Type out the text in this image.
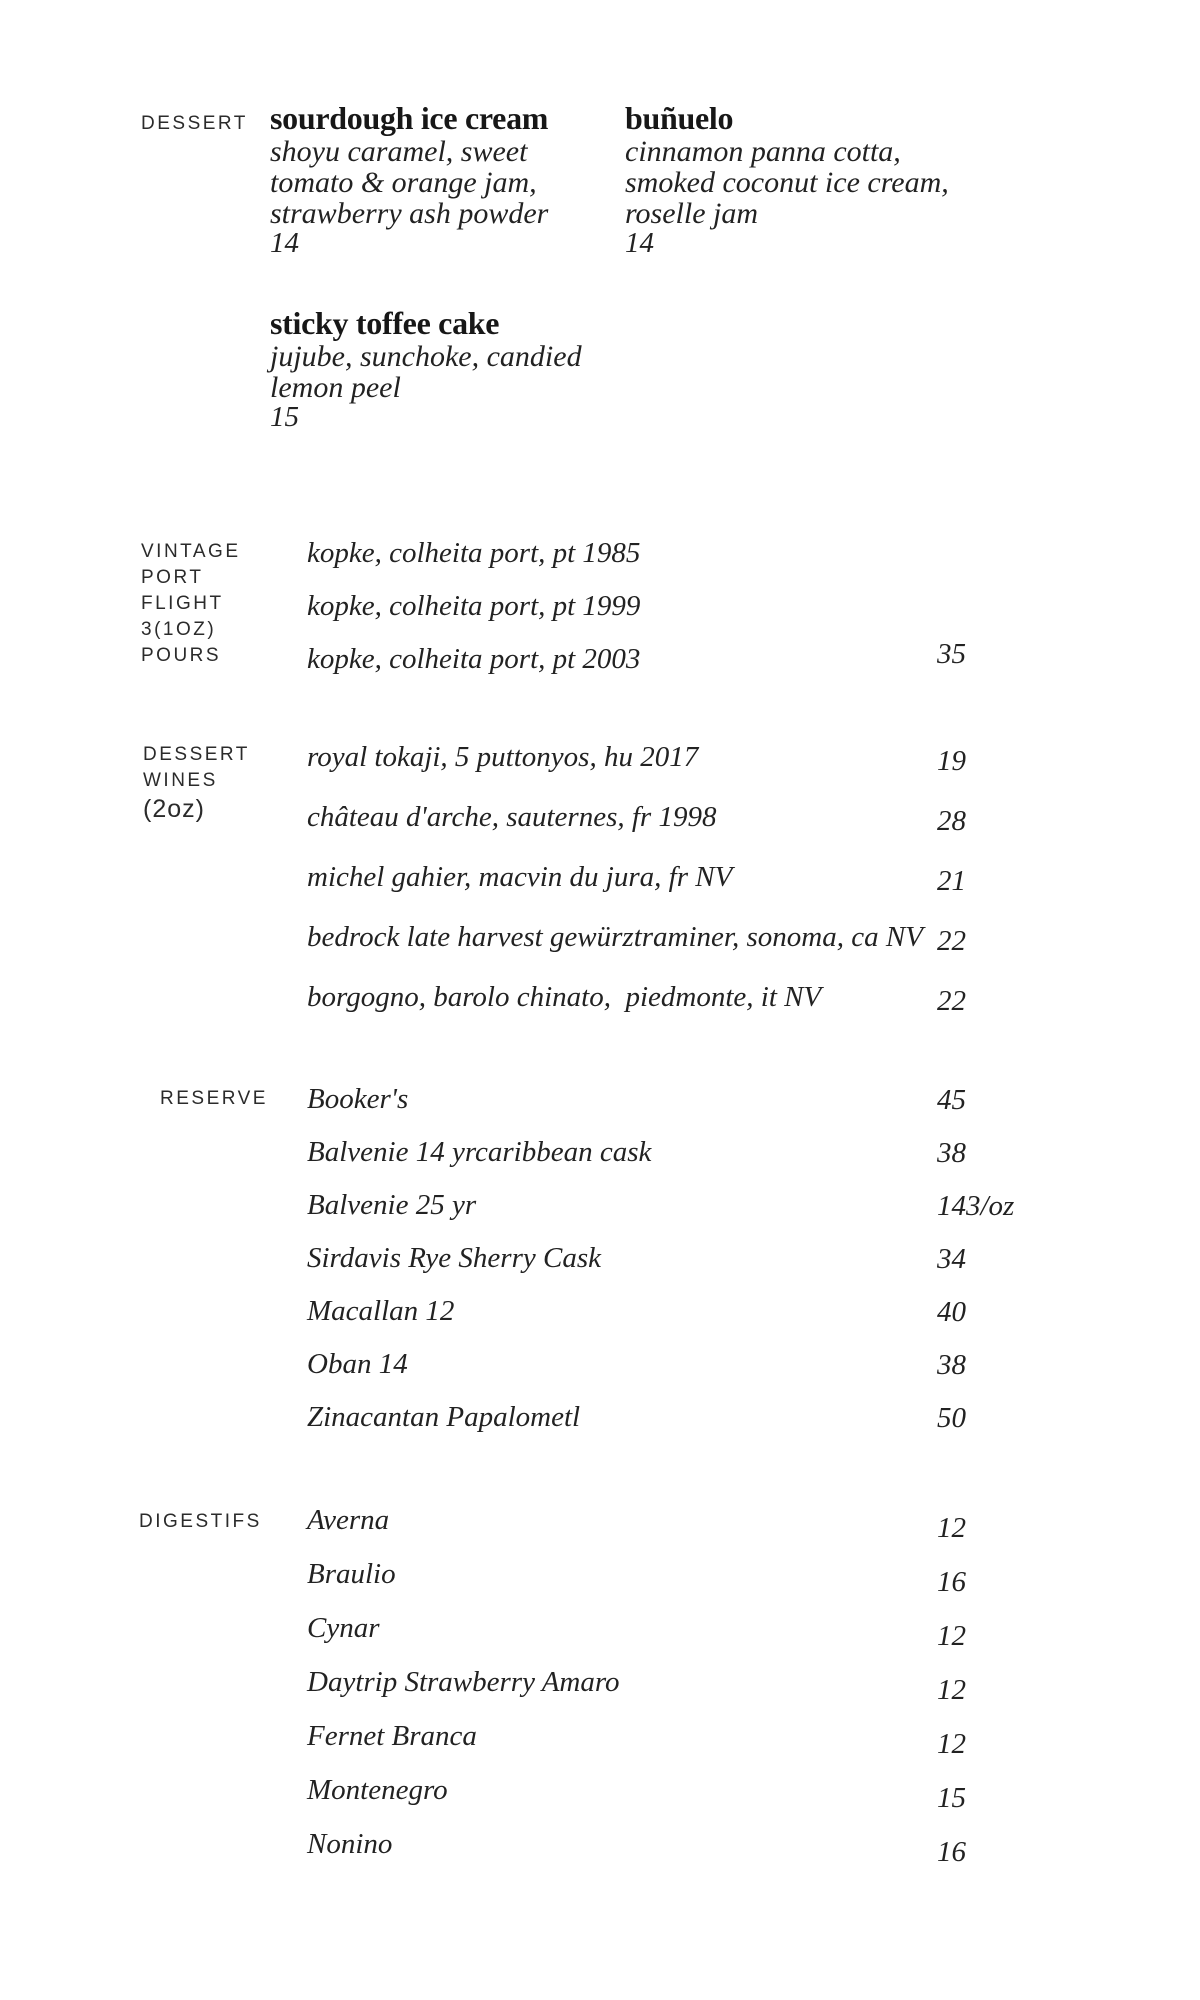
DESSERT sourdough ice cream
shoyu caramel, sweet
tomato & orange jam,
strawberry ash powder
14
buñuelo
cinnamon panna cotta,
smoked coconut ice cream,
roselle jam
14
sticky toffee cake
jujube, sunchoke, candied
lemon peel
15
VINTAGE
PORT
FLIGHT
3(1OZ)
POURS
kopke, colheita port, pt 1985
kopke, colheita port, pt 1999
kopke, colheita port, pt 2003	35
DESSERT
WINES
(2oz)
royal tokaji, 5 puttonyos, hu 2017	19
château d'arche, sauternes, fr 1998	28
michel gahier, macvin du jura, fr NV	21
bedrock late harvest gewürztraminer, sonoma, ca NV 22
borgogno, barolo chinato,  piedmonte, it NV	22
RESERVE Booker's	45
Balvenie 14 yrcaribbean cask	38
Balvenie 25 yr	143/oz
Sirdavis Rye Sherry Cask	34
Macallan 12	40
Oban 14	38
Zinacantan Papalometl	50
DIGESTIFS Averna	12
Braulio	16
Cynar	12
Daytrip Strawberry Amaro	12
Fernet Branca	12
Montenegro	15
Nonino	16
